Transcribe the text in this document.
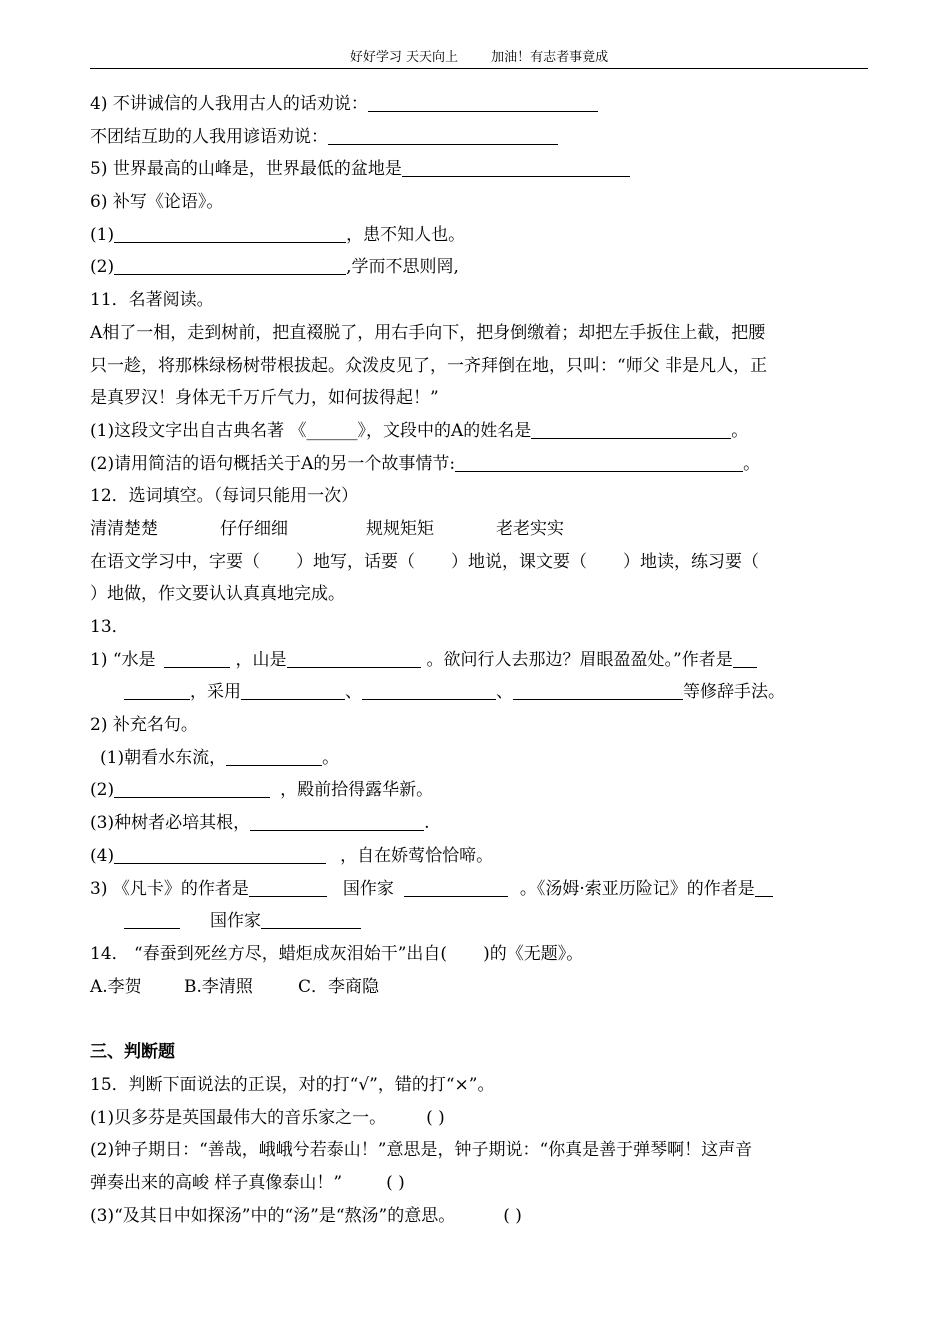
好好学习 天天向上	加油！有志者事竟成
4) 不讲诚信的人我用古人的话劝说：
不团结互助的人我用谚语劝说：
5) 世界最高的山峰是，世界最低的盆地是
6) 补写《论语》。
(1)	，患不知人也。
(2)	,学而不思则罔,
11．名著阅读。
A相了一相，走到树前，把直裰脱了，用右手向下，把身倒缴着；却把左手扳住上截，把腰
只一趁，将那株绿杨树带根拔起。众泼皮见了，一齐拜倒在地，只叫：“师父 非是凡人，正
是真罗汉！身体无千万斤气力，如何拔得起！”
(1)这段文字出自古典名著 《______》，文段中的A的姓名是	。
(2)请用简洁的语句概括关于A的另一个故事情节:	。
12．选词填空。（每词只能用一次）
清清楚楚	仔仔细细	规规矩矩	老老实实
在语文学习中，字要（ ）地写，话要（ ）地说，课文要（ ）地读，练习要（
）地做，作文要认认真真地完成。
13．
1) “水是	，山是	。欲问行人去那边？眉眼盈盈处。”作者是
，采用	、	、	等修辞手法。
2) 补充名句。
(1)朝看水东流，	。
(2)	，殿前拾得露华新。
(3)种树者必培其根，	.
(4)	，自在娇莺恰恰啼。
3) 《凡卡》的作者是	国作家	。《汤姆·索亚历险记》的作者是
国作家
14． “春蚕到死丝方尽，蜡炬成灰泪始干”出自( )的《无题》。
A.李贺 B.李清照	C．李商隐
三、判断题
15．判断下面说法的正误，对的打“√”，错的打“×”。
(1)贝多芬是英国最伟大的音乐家之一。 ( )
(2)钟子期日：“善哉，峨峨兮若泰山！”意思是，钟子期说：“你真是善于弹琴啊！这声音
弹奏出来的高峻 样子真像泰山！”	( )
(3)“及其日中如探汤”中的“汤”是“熬汤”的意思。	( )
